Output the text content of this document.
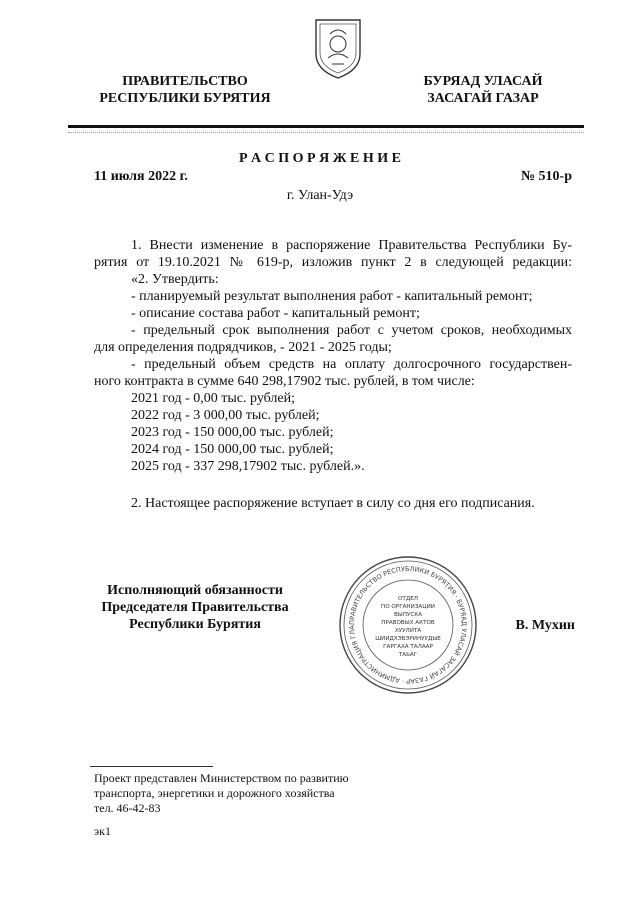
ПРАВИТЕЛЬСТВО
РЕСПУБЛИКИ БУРЯТИЯ
БУРЯАД УЛАСАЙ
ЗАСАГАЙ ГАЗАР
Р А С П О Р Я Ж Е Н И Е
11 июля 2022 г.	№ 510-р
г. Улан-Удэ
1. Внести изменение в распоряжение Правительства Республики Бу-
рятия от 19.10.2021 № 619-р, изложив пункт 2 в следующей редакции:
«2. Утвердить:
- планируемый результат выполнения работ - капитальный ремонт;
- описание состава работ - капитальный ремонт;
- предельный срок выполнения работ с учетом сроков, необходимых
для определения подрядчиков, - 2021 - 2025 годы;
- предельный объем средств на оплату долгосрочного государствен-
ного контракта в сумме 640 298,17902 тыс. рублей, в том числе:
2021 год - 0,00 тыс. рублей;
2022 год - 3 000,00 тыс. рублей;
2023 год - 150 000,00 тыс. рублей;
2024 год - 150 000,00 тыс. рублей;
2025 год - 337 298,17902 тыс. рублей.».
2. Настоящее распоряжение вступает в силу со дня его подписания.
Исполняющий обязанности
Председателя Правительства
Республики Бурятия	В. Мухин
ПРАВИТЕЛЬСТВО РЕСПУБЛИКИ БУРЯТИЯ · БУРЯАД УЛАСАЙ ЗАСАГАЙ ГАЗАР · АДМИНИСТРАЦИЯ ГЛА
ОТДЕЛ
ПО ОРГАНИЗАЦИИ
ВЫПУСКА
ПРАВОВЫХ АКТОВ
ХУУЛИТА
ШИИДХЭБЭРИНУУДЫЕ
ГАРГАХА ТАЛААР
ТАЬАГ
Проект представлен Министерством по развитию
транспорта, энергетики и дорожного хозяйства
тел. 46-42-83
эк1
